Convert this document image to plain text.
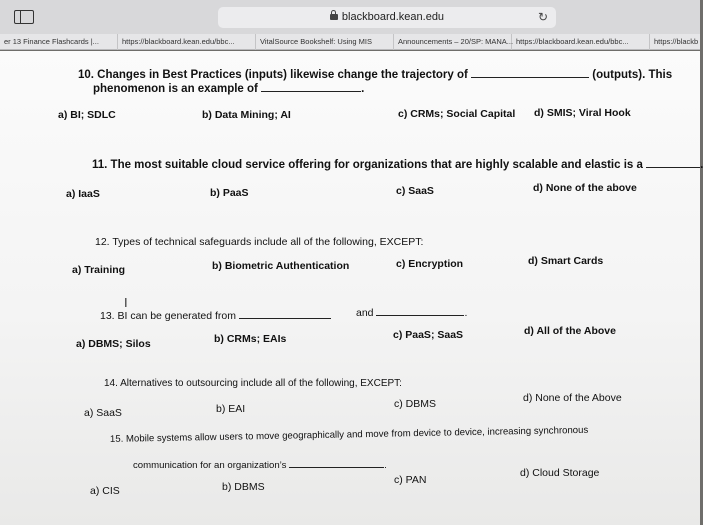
blackboard.kean.edu	↻
er 13 Finance Flashcards |...	https://blackboard.kean.edu/bbc...	VitalSource Bookshelf: Using MIS	Announcements – 20/SP: MANA... https://blackboard.kean.edu/bbc...	https://blackb
10. Changes in Best Practices (inputs) likewise change the trajectory of	(outputs). This
phenomenon is an example of	.
a) BI; SDLC	b) Data Mining; AI	c) CRMs; Social Capital d) SMIS; Viral Hook
11. The most suitable cloud service offering for organizations that are highly scalable and elastic is a	.
a) IaaS	b) PaaS	c) SaaS	d) None of the above
12. Types of technical safeguards include all of the following, EXCEPT:
a) Training	b) Biometric Authentication	c) Encryption	d) Smart Cards
I
13. BI can be generated from	and	.
a) DBMS; Silos	b) CRMs; EAIs	c) PaaS; SaaS	d) All of the Above
14. Alternatives to outsourcing include all of the following, EXCEPT:
a) SaaS	b) EAI	c) DBMS	d) None of the Above
15. Mobile systems allow users to move geographically and move from device to device, increasing synchronous
communication for an organization’s	.
a) CIS	b) DBMS
c) PAN
d) Cloud Storage
